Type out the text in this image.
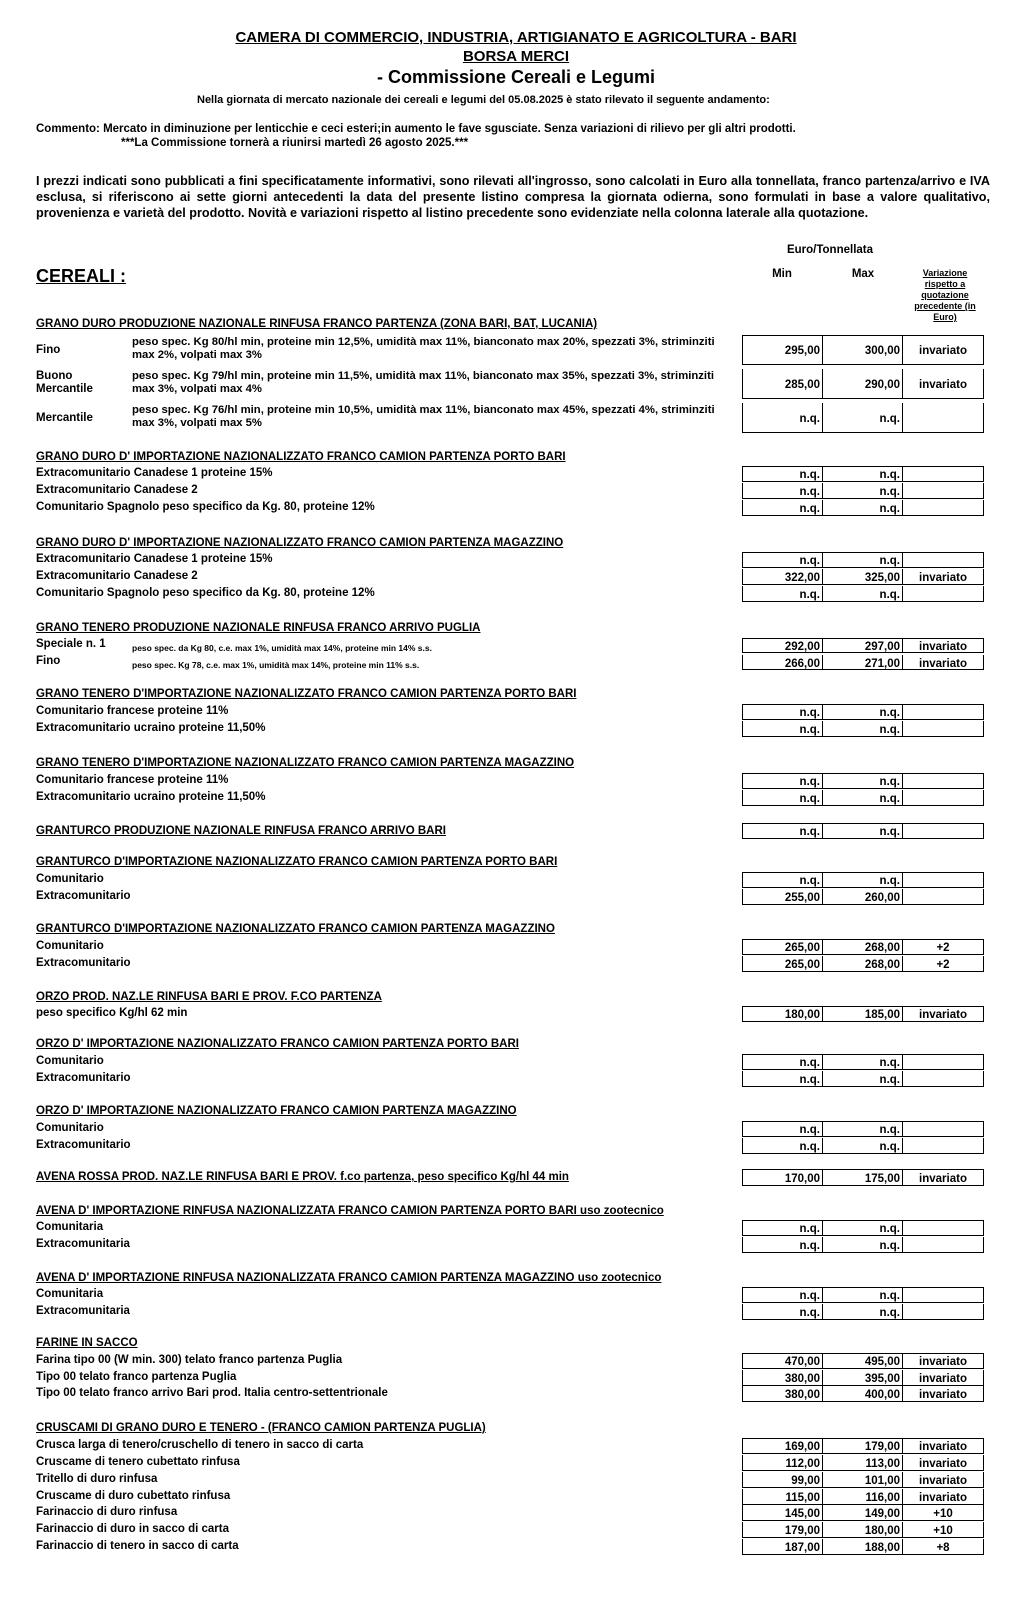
CAMERA DI COMMERCIO, INDUSTRIA, ARTIGIANATO E AGRICOLTURA - BARI
BORSA MERCI
- Commissione Cereali e Legumi
Nella giornata di mercato nazionale dei cereali e legumi del 05.08.2025 è stato rilevato il seguente andamento:
Commento: Mercato in diminuzione per lenticchie e ceci esteri;in aumento le fave sgusciate. Senza variazioni di rilievo per gli altri prodotti.
***La Commissione tornerà a riunirsi martedì 26 agosto 2025.***
I prezzi indicati sono pubblicati a fini specificatamente informativi, sono rilevati all'ingrosso, sono calcolati in Euro alla tonnellata, franco partenza/arrivo e IVA esclusa, si riferiscono ai sette giorni antecedenti la data del presente listino compresa la giornata odierna, sono formulati in base a valore qualitativo, provenienza e varietà del prodotto. Novità e variazioni rispetto al listino precedente sono evidenziate nella colonna laterale alla quotazione.
CEREALI :
Euro/Tonnellata
Min	Max	Variazione rispetto a quotazione precedente (in Euro)
GRANO DURO PRODUZIONE NAZIONALE RINFUSA FRANCO PARTENZA (ZONA BARI, BAT, LUCANIA)
Fino
peso spec. Kg 80/hl min, proteine min 12,5%, umidità max 11%, bianconato max 20%, spezzati 3%, striminziti max 2%, volpati max 3%	295,00	300,00	invariato
Buono Mercantile
peso spec. Kg 79/hl min, proteine min 11,5%, umidità max 11%, bianconato max 35%, spezzati 3%, striminziti max 3%, volpati max 4%	285,00	290,00	invariato
Mercantile
peso spec. Kg 76/hl min, proteine min 10,5%, umidità max 11%, bianconato max 45%, spezzati 4%, striminziti max 3%, volpati max 5%	n.q.	n.q.
GRANO DURO D' IMPORTAZIONE NAZIONALIZZATO FRANCO CAMION PARTENZA PORTO BARI
Extracomunitario Canadese 1 proteine 15%	n.q.	n.q.
Extracomunitario Canadese 2	n.q.	n.q.
Comunitario Spagnolo peso specifico da Kg. 80, proteine 12%	n.q.	n.q.
GRANO DURO D' IMPORTAZIONE NAZIONALIZZATO FRANCO CAMION PARTENZA MAGAZZINO
Extracomunitario Canadese 1 proteine 15%	n.q.	n.q.
Extracomunitario Canadese 2	322,00	325,00	invariato
Comunitario Spagnolo peso specifico da Kg. 80, proteine 12%	n.q.	n.q.
GRANO TENERO PRODUZIONE NAZIONALE RINFUSA FRANCO ARRIVO PUGLIA
Speciale n. 1	peso spec. da Kg 80, c.e. max 1%, umidità max 14%, proteine min 14% s.s.	292,00	297,00	invariato
Fino	peso spec. Kg 78, c.e. max 1%, umidità max 14%, proteine min 11% s.s.	266,00	271,00	invariato
GRANO TENERO D'IMPORTAZIONE NAZIONALIZZATO FRANCO CAMION PARTENZA PORTO BARI
Comunitario francese proteine 11%	n.q.	n.q.
Extracomunitario ucraino proteine 11,50%	n.q.	n.q.
GRANO TENERO D'IMPORTAZIONE NAZIONALIZZATO FRANCO CAMION PARTENZA MAGAZZINO
Comunitario francese proteine 11%	n.q.	n.q.
Extracomunitario ucraino proteine 11,50%	n.q.	n.q.
GRANTURCO PRODUZIONE NAZIONALE RINFUSA FRANCO ARRIVO BARI	n.q.	n.q.
GRANTURCO D'IMPORTAZIONE NAZIONALIZZATO FRANCO CAMION PARTENZA PORTO BARI
Comunitario	n.q.	n.q.
Extracomunitario	255,00	260,00
GRANTURCO D'IMPORTAZIONE NAZIONALIZZATO FRANCO CAMION PARTENZA MAGAZZINO
Comunitario	265,00	268,00	+2
Extracomunitario	265,00	268,00	+2
ORZO PROD. NAZ.LE RINFUSA BARI E PROV. F.CO PARTENZA
peso specifico Kg/hl 62 min	180,00	185,00	invariato
ORZO D' IMPORTAZIONE NAZIONALIZZATO FRANCO CAMION PARTENZA PORTO BARI
Comunitario	n.q.	n.q.
Extracomunitario	n.q.	n.q.
ORZO D' IMPORTAZIONE NAZIONALIZZATO FRANCO CAMION PARTENZA MAGAZZINO
Comunitario	n.q.	n.q.
Extracomunitario	n.q.	n.q.
AVENA ROSSA PROD. NAZ.LE RINFUSA BARI E PROV. f.co partenza, peso specifico Kg/hl 44 min	170,00	175,00	invariato
AVENA D' IMPORTAZIONE RINFUSA NAZIONALIZZATA FRANCO CAMION PARTENZA PORTO BARI uso zootecnico
Comunitaria	n.q.	n.q.
Extracomunitaria	n.q.	n.q.
AVENA D' IMPORTAZIONE RINFUSA NAZIONALIZZATA FRANCO CAMION PARTENZA MAGAZZINO uso zootecnico
Comunitaria	n.q.	n.q.
Extracomunitaria	n.q.	n.q.
FARINE IN SACCO
Farina tipo 00 (W min. 300) telato franco partenza Puglia	470,00	495,00	invariato
Tipo 00 telato franco partenza Puglia	380,00	395,00	invariato
Tipo 00 telato franco arrivo Bari prod. Italia centro-settentrionale	380,00	400,00	invariato
CRUSCAMI DI GRANO DURO E TENERO - (FRANCO CAMION PARTENZA PUGLIA)
Crusca larga di tenero/cruschello di tenero in sacco di carta	169,00	179,00	invariato
Cruscame di tenero cubettato rinfusa	112,00	113,00	invariato
Tritello di duro rinfusa	99,00	101,00	invariato
Cruscame di duro cubettato rinfusa	115,00	116,00	invariato
Farinaccio di duro rinfusa	145,00	149,00	+10
Farinaccio di duro in sacco di carta	179,00	180,00	+10
Farinaccio di tenero in sacco di carta	187,00	188,00	+8
